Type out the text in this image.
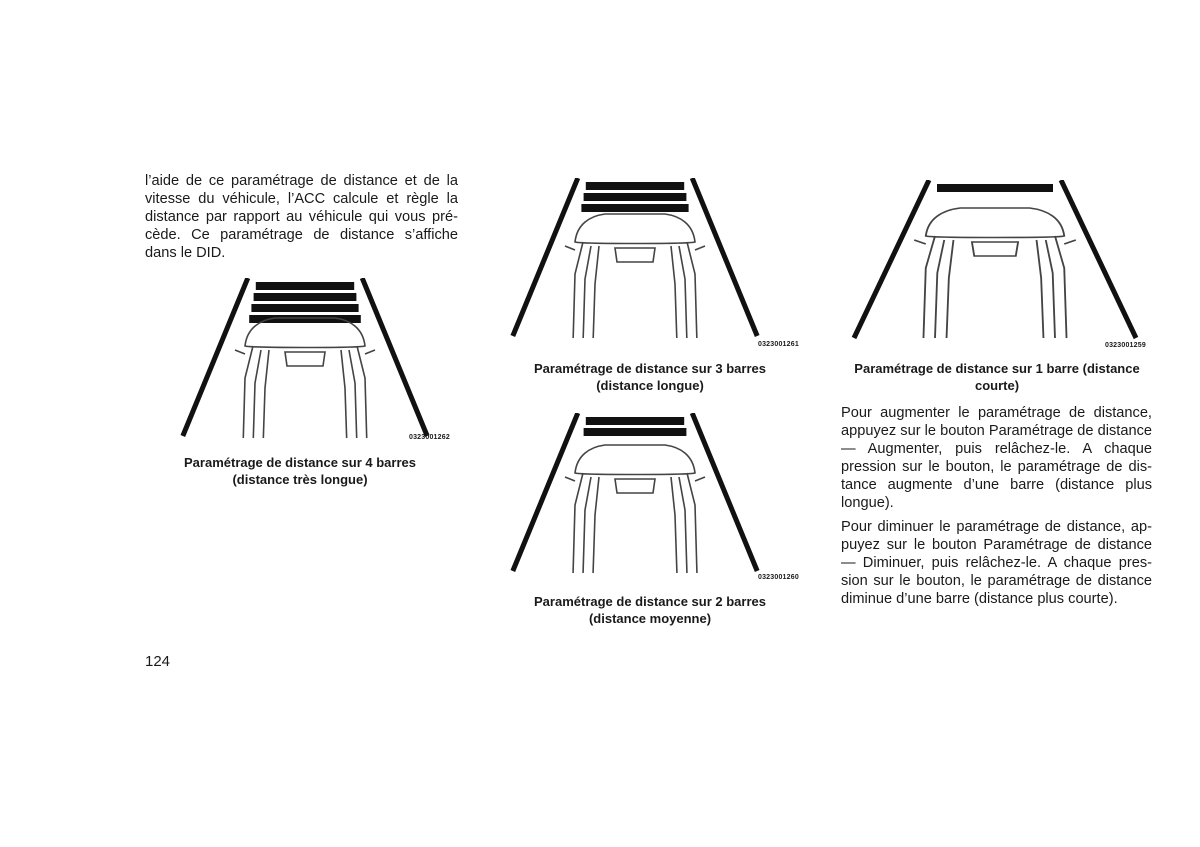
l’aide de ce paramétrage de distance et de la vitesse du véhicule, l’ACC calcule et règle la distance par rapport au véhicule qui vous précède. Ce paramétrage de distance s’affiche dans le DID.

0323001262
Paramétrage de distance sur 4 barres
(distance très longue)
0323001261
Paramétrage de distance sur 3 barres
(distance longue)
0323001260
Paramétrage de distance sur 2 barres
(distance moyenne)
0323001259
Paramétrage de distance sur 1 barre (distance
courte)

Pour augmenter le paramétrage de distance, appuyez sur le bouton Paramétrage de distance — Augmenter, puis relâchez-le. A chaque pression sur le bouton, le paramétrage de distance augmente d’une barre (distance plus longue).

Pour diminuer le paramétrage de distance, appuyez sur le bouton Paramétrage de distance — Diminuer, puis relâchez-le. A chaque pression sur le bouton, le paramétrage de distance diminue d’une barre (distance plus courte).

124
